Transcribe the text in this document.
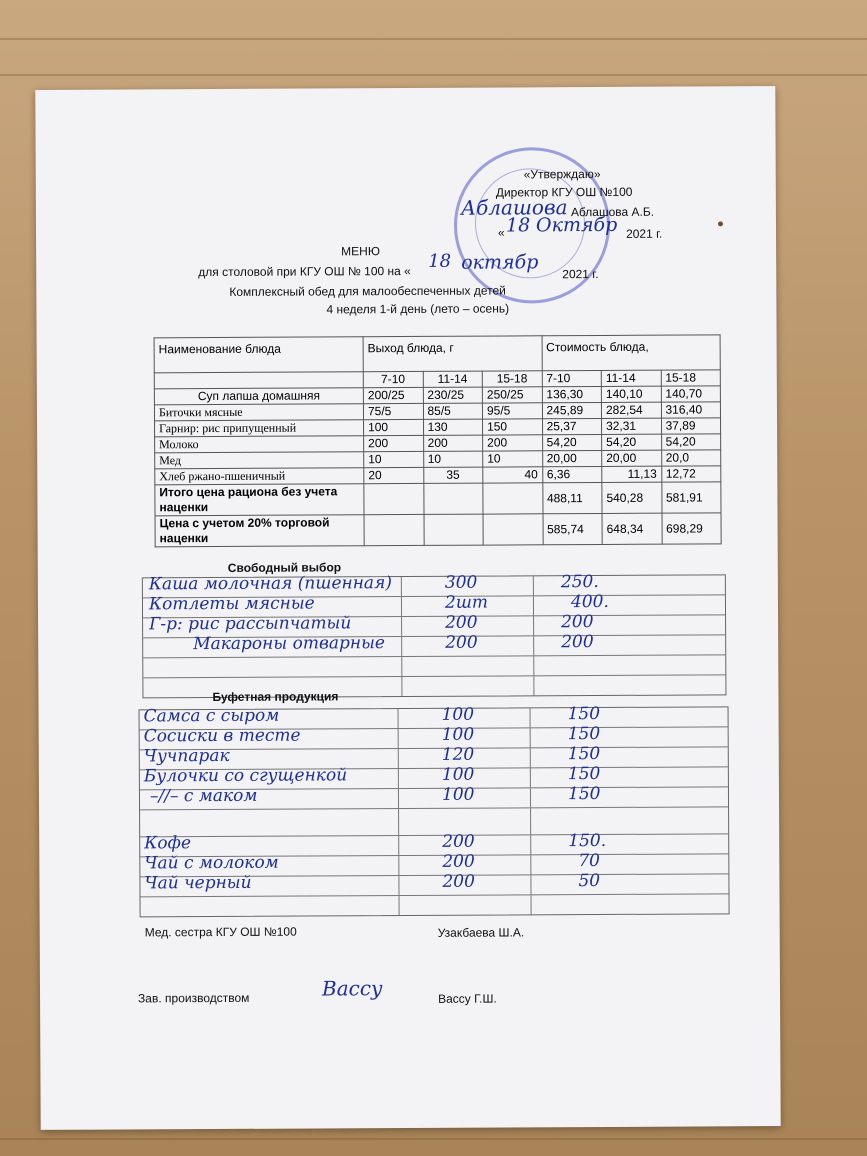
«Утверждаю»
Директор КГУ ОШ №100
Аблашова Аблашова А.Б.
« 18 Октябр 2021 г.
МЕНЮ
для столовой при КГУ ОШ № 100 на « 18 октябр
2021 г.
Комплексный обед для малообеспеченных детей
4 неделя 1-й день (лето – осень)
Наименование блюда	Выход блюда, г			Стоимость блюда,		
	7-10	11-14	15-18	7-10	11-14	15-18
Суп лапша домашняя	200/25	230/25	250/25	136,30	140,10	140,70
Биточки мясные	75/5	85/5	95/5	245,89	282,54	316,40
Гарнир: рис припущенный	100	130	150	25,37	32,31	37,89
Молоко	200	200	200	54,20	54,20	54,20
Мед	10	10	10	20,00	20,00	20,0
Хлеб ржано-пшеничный	20	35	40	6,36	11,13	12,72
Итого цена рациона без учета наценки				488,11	540,28	581,91
Цена с учетом 20% торговой наценки				585,74	648,34	698,29
Свободный выбор
Каша молочная (пшенная)	300	250.
Котлеты мясные	2шт	400.
Г-р: рис рассыпчатый	200	200
Макароны отварные	200	200
Буфетная продукция
Самса с сыром	100	150
Сосиски в тесте	100	150
Чучпарак	120	150
Булочки со сгущенкой	100	150
–//– с маком	100	150
Кофе	200	150.
Чай с молоком	200	70
Чай черный	200	50
Мед. сестра КГУ ОШ №100	Узакбаева Ш.А.
Зав. производством	Вассу	Вассу Г.Ш.
